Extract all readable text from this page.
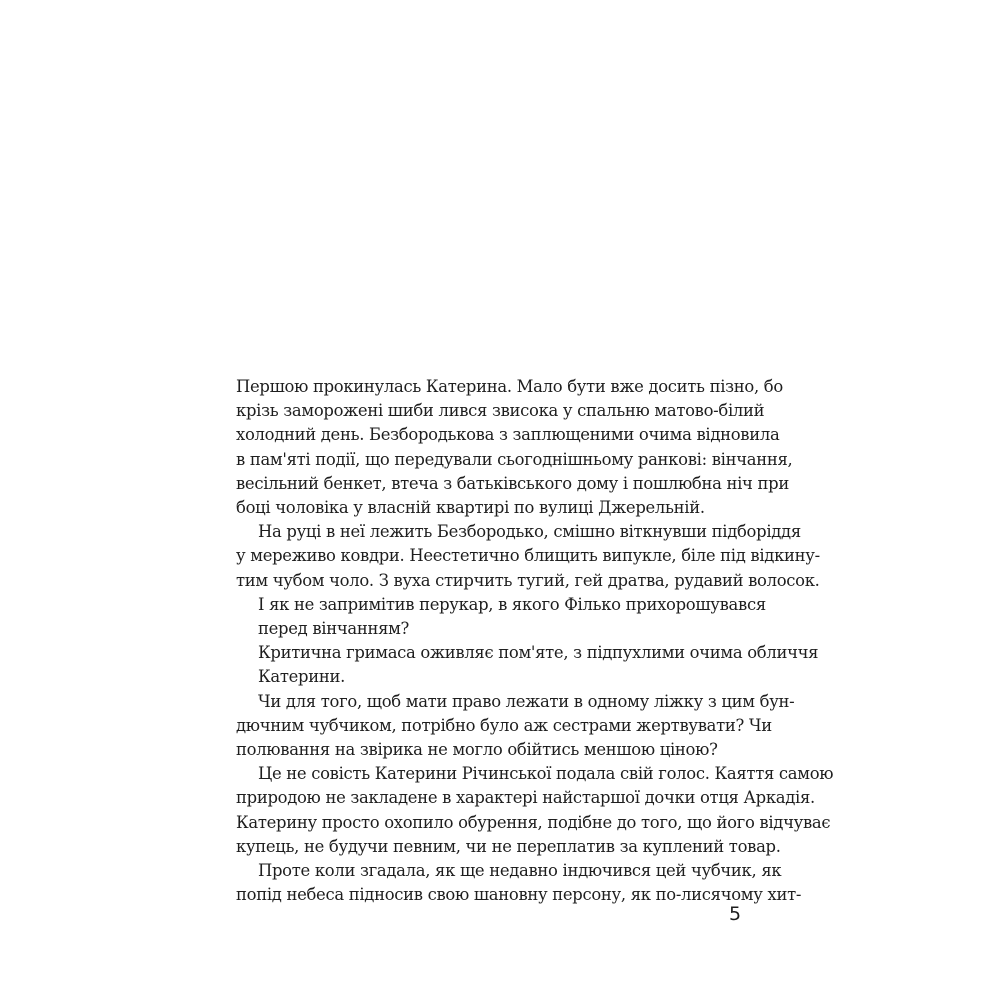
Першою прокинулась Катерина. Мало бути вже досить пізно, бо
крізь заморожені шиби лився звисока у спальню матово-білий
холодний день. Безбородькова з заплющеними очима відновила
в пам'яті події, що передували сьогоднішньому ранкові: вінчання,
весільний бенкет, втеча з батьківського дому і пошлюбна ніч при
боці чоловіка у власній квартирі по вулиці Джерельній.
На руці в неї лежить Безбородько, смішно віткнувши підборіддя
у мереживо ковдри. Неестетично блищить випукле, біле під відкину-
тим чубом чоло. З вуха стирчить тугий, гей дратва, рудавий волосок.
І як не запримітив перукар, в якого Філько прихорошувався
перед вінчанням?
Критична гримаса оживляє пом'яте, з підпухлими очима обличчя
Катерини.
Чи для того, щоб мати право лежати в одному ліжку з цим бун-
дючним чубчиком, потрібно було аж сестрами жертвувати? Чи
полювання на звірика не могло обійтись меншою ціною?
Це не совість Катерини Річинської подала свій голос. Каяття самою
природою не закладене в характері найстаршої дочки отця Аркадія.
Катерину просто охопило обурення, подібне до того, що його відчуває
купець, не будучи певним, чи не переплатив за куплений товар.
Проте коли згадала, як ще недавно індючився цей чубчик, як
попід небеса підносив свою шановну персону, як по-лисячому хит-
5
